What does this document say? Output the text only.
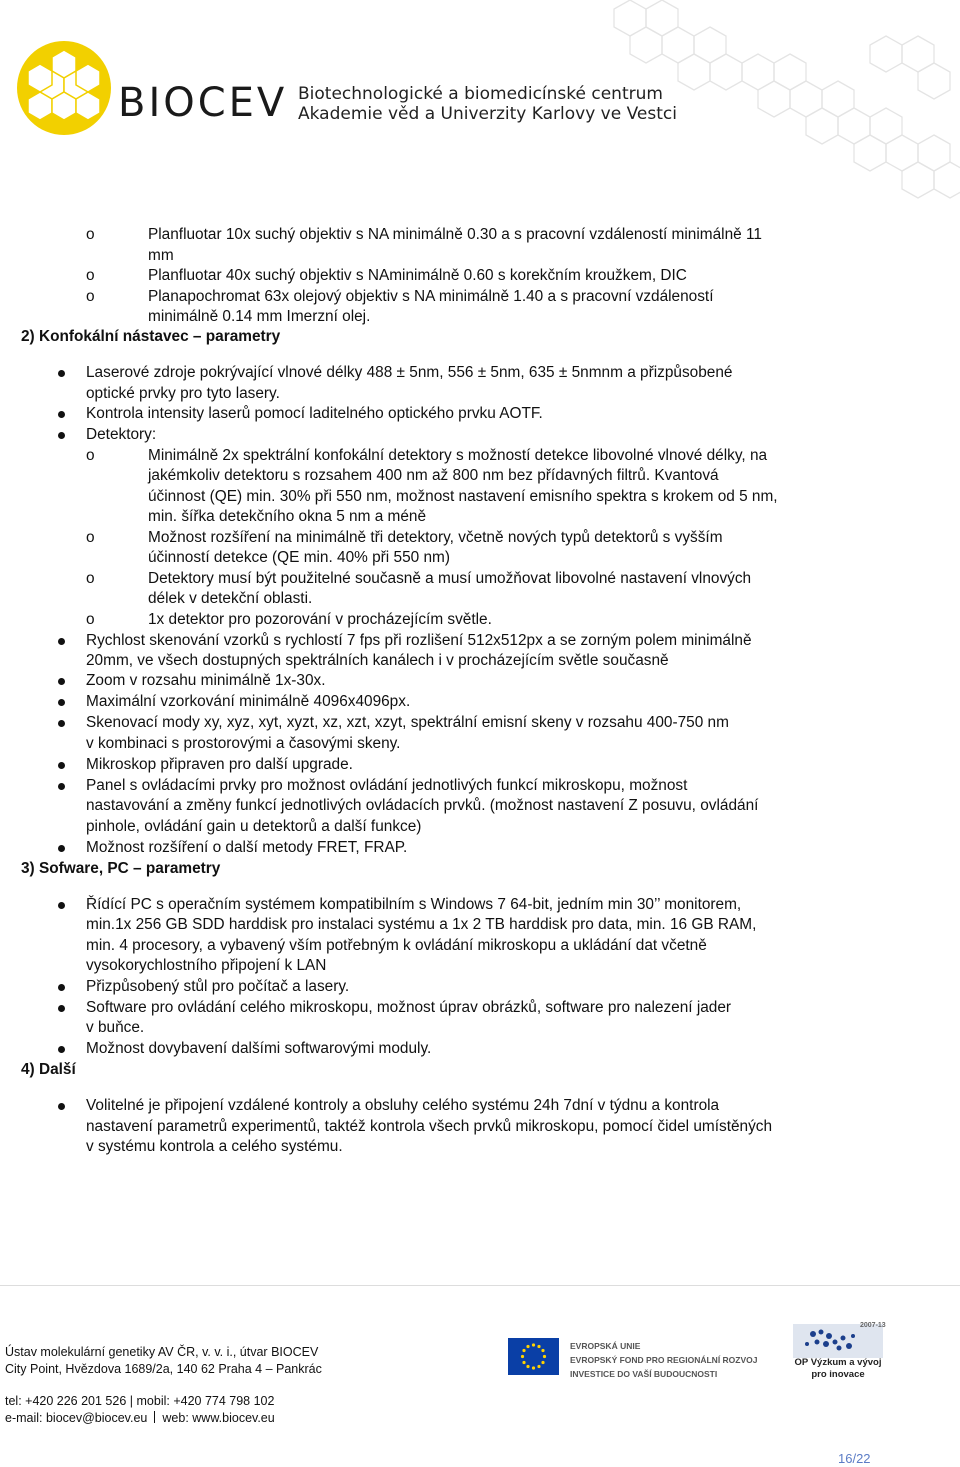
BIOCEV Biotechnologické a biomedicínské centrum
Akademie věd a Univerzity Karlovy ve Vestci
o	Planfluotar 10x suchý objektiv s NA minimálně 0.30 a s pracovní vzdáleností minimálně 11
mm
o	Planfluotar 40x suchý objektiv s NAminimálně 0.60 s korekčním kroužkem, DIC
o	Planapochromat 63x olejový objektiv s NA minimálně 1.40 a s pracovní vzdáleností
minimálně 0.14 mm Imerzní olej.
2) Konfokální nástavec – parametry
Laserové zdroje pokrývající vlnové délky 488 ± 5nm, 556 ± 5nm, 635 ± 5nmnm a přizpůsobené
optické prvky pro tyto lasery.
Kontrola intensity laserů pomocí laditelného optického prvku AOTF.
Detektory:
o	Minimálně 2x spektrální konfokální detektory s možností detekce libovolné vlnové délky, na
jakémkoliv detektoru s rozsahem 400 nm až 800 nm bez přídavných filtrů. Kvantová
účinnost (QE) min. 30% při 550 nm, možnost nastavení emisního spektra s krokem od 5 nm,
min. šířka detekčního okna 5 nm a méně
o	Možnost rozšíření na minimálně tři detektory, včetně nových typů detektorů s vyšším
účinností detekce (QE min. 40% při 550 nm)
o	Detektory musí být použitelné současně a musí umožňovat libovolné nastavení vlnových
délek v detekční oblasti.
o	1x detektor pro pozorování v procházejícím světle.
Rychlost skenování vzorků s rychlostí 7 fps při rozlišení 512x512px a se zorným polem minimálně
20mm, ve všech dostupných spektrálních kanálech i v procházejícím světle současně
Zoom v rozsahu minimálně 1x-30x.
Maximální vzorkování minimálně 4096x4096px.
Skenovací mody xy, xyz, xyt, xyzt, xz, xzt, xzyt, spektrální emisní skeny v rozsahu 400-750 nm
v kombinaci s prostorovými a časovými skeny.
Mikroskop připraven pro další upgrade.
Panel s ovládacími prvky pro možnost ovládání jednotlivých funkcí mikroskopu, možnost
nastavování a změny funkcí jednotlivých ovládacích prvků. (možnost nastavení Z posuvu, ovládání
pinhole, ovládání gain u detektorů a další funkce)
Možnost rozšíření o další metody FRET, FRAP.
3) Sofware, PC – parametry
Řídící PC s operačním systémem kompatibilním s Windows 7 64-bit, jedním min 30’’ monitorem,
min.1x 256 GB SDD harddisk pro instalaci systému a 1x 2 TB harddisk pro data, min. 16 GB RAM,
min. 4 procesory, a vybavený vším potřebným k ovládání mikroskopu a ukládání dat včetně
vysokorychlostního připojení k LAN
Přizpůsobený stůl pro počítač a lasery.
Software pro ovládání celého mikroskopu, možnost úprav obrázků, software pro nalezení jader
v buňce.
Možnost dovybavení dalšími softwarovými moduly.
4) Další
Volitelné je připojení vzdálené kontroly a obsluhy celého systému 24h 7dní v týdnu a kontrola
nastavení parametrů experimentů, taktéž kontrola všech prvků mikroskopu, pomocí čidel umístěných
v systému kontrola a celého systému.
Ústav molekulární genetiky AV ČR, v. v. i., útvar BIOCEV
City Point, Hvězdova 1689/2a, 140 62 Praha 4 – Pankrác
tel: +420 226 201 526 | mobil: +420 774 798 102
e-mail: biocev@biocev.eu web: www.biocev.eu
EVROPSKÁ UNIE
EVROPSKÝ FOND PRO REGIONÁLNÍ ROZVOJ
INVESTICE DO VAŠÍ BUDOUCNOSTI
2007-13
OP Výzkum a vývoj
pro inovace
16/22
